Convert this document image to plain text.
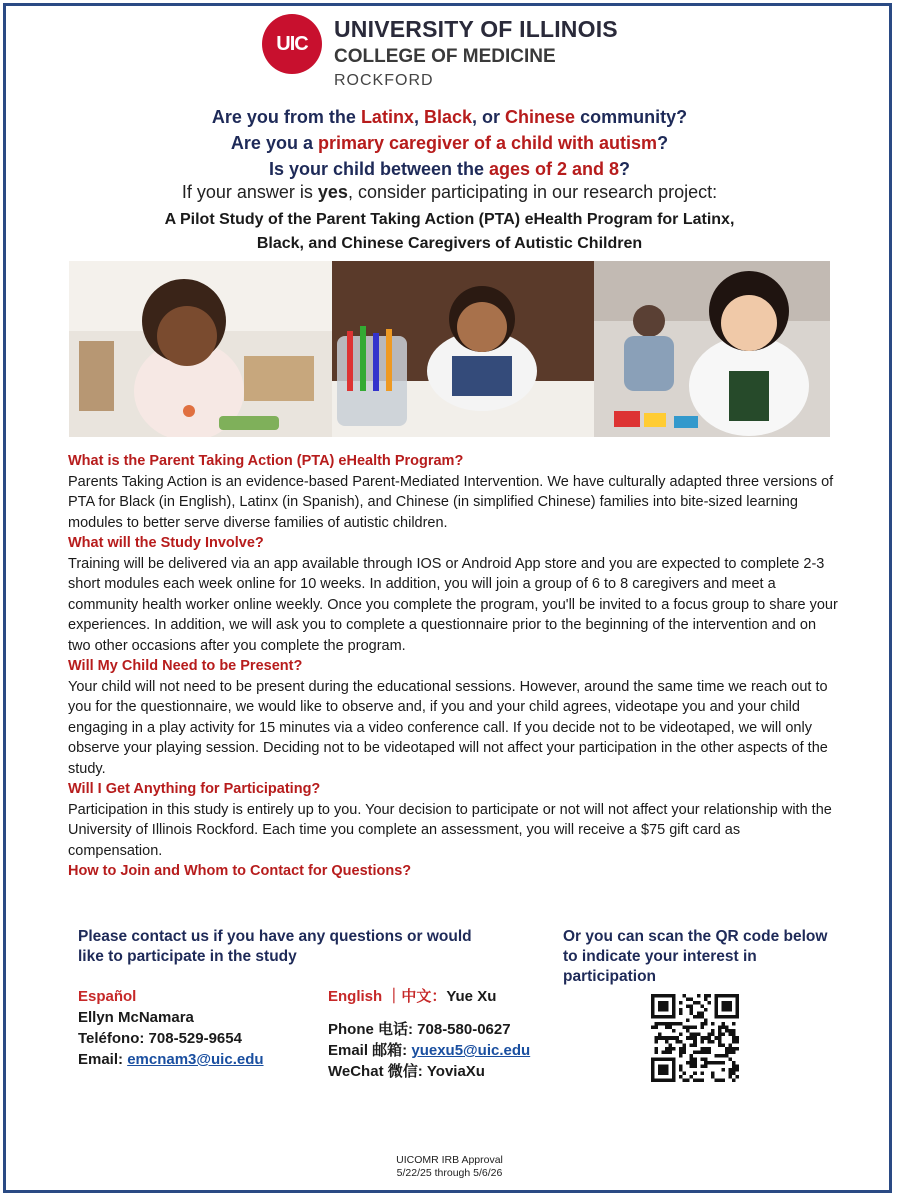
UIC
UNIVERSITY OF ILLINOIS
COLLEGE OF MEDICINE
ROCKFORD
Are you from the Latinx, Black, or Chinese community?
Are you a primary caregiver of a child with autism?
Is your child between the ages of 2 and 8?
If your answer is yes, consider participating in our research project:
A Pilot Study of the Parent Taking Action (PTA) eHealth Program for Latinx,
Black, and Chinese Caregivers of Autistic Children
What is the Parent Taking Action (PTA) eHealth Program?
Parents Taking Action is an evidence-based Parent-Mediated Intervention. We have culturally adapted three versions of PTA for Black (in English), Latinx (in Spanish), and Chinese (in simplified Chinese) families into bite-sized learning modules to better serve diverse families of autistic children.
What will the Study Involve?
Training will be delivered via an app available through IOS or Android App store and you are expected to complete 2-3 short modules each week online for 10 weeks. In addition, you will join a group of 6 to 8 caregivers and meet a community health worker online weekly. Once you complete the program, you'll be invited to a focus group to share your experiences. In addition, we will ask you to complete a questionnaire prior to the beginning of the intervention and on two other occasions after you complete the program.
Will My Child Need to be Present?
Your child will not need to be present during the educational sessions. However, around the same time we reach out to you for the questionnaire, we would like to observe and, if you and your child agrees, videotape you and your child engaging in a play activity for 15 minutes via a video conference call. If you decide not to be videotaped, we will only observe your playing session. Deciding not to be videotaped will not affect your participation in the other aspects of the study.
Will I Get Anything for Participating?
Participation in this study is entirely up to you. Your decision to participate or not will not affect your relationship with the University of Illinois Rockford. Each time you complete an assessment, you will receive a $75 gift card as compensation.
How to Join and Whom to Contact for Questions?
Please contact us if you have any questions or would like to participate in the study
Or you can scan the QR code below to indicate your interest in participation
Español
Ellyn McNamara
Teléfono: 708-529-9654
Email: emcnam3@uic.edu
English ｜中文：Yue Xu
Phone 电话: 708-580-0627
Email 邮箱: yuexu5@uic.edu
WeChat 微信: YoviaXu
UICOMR IRB Approval
5/22/25 through 5/6/26
